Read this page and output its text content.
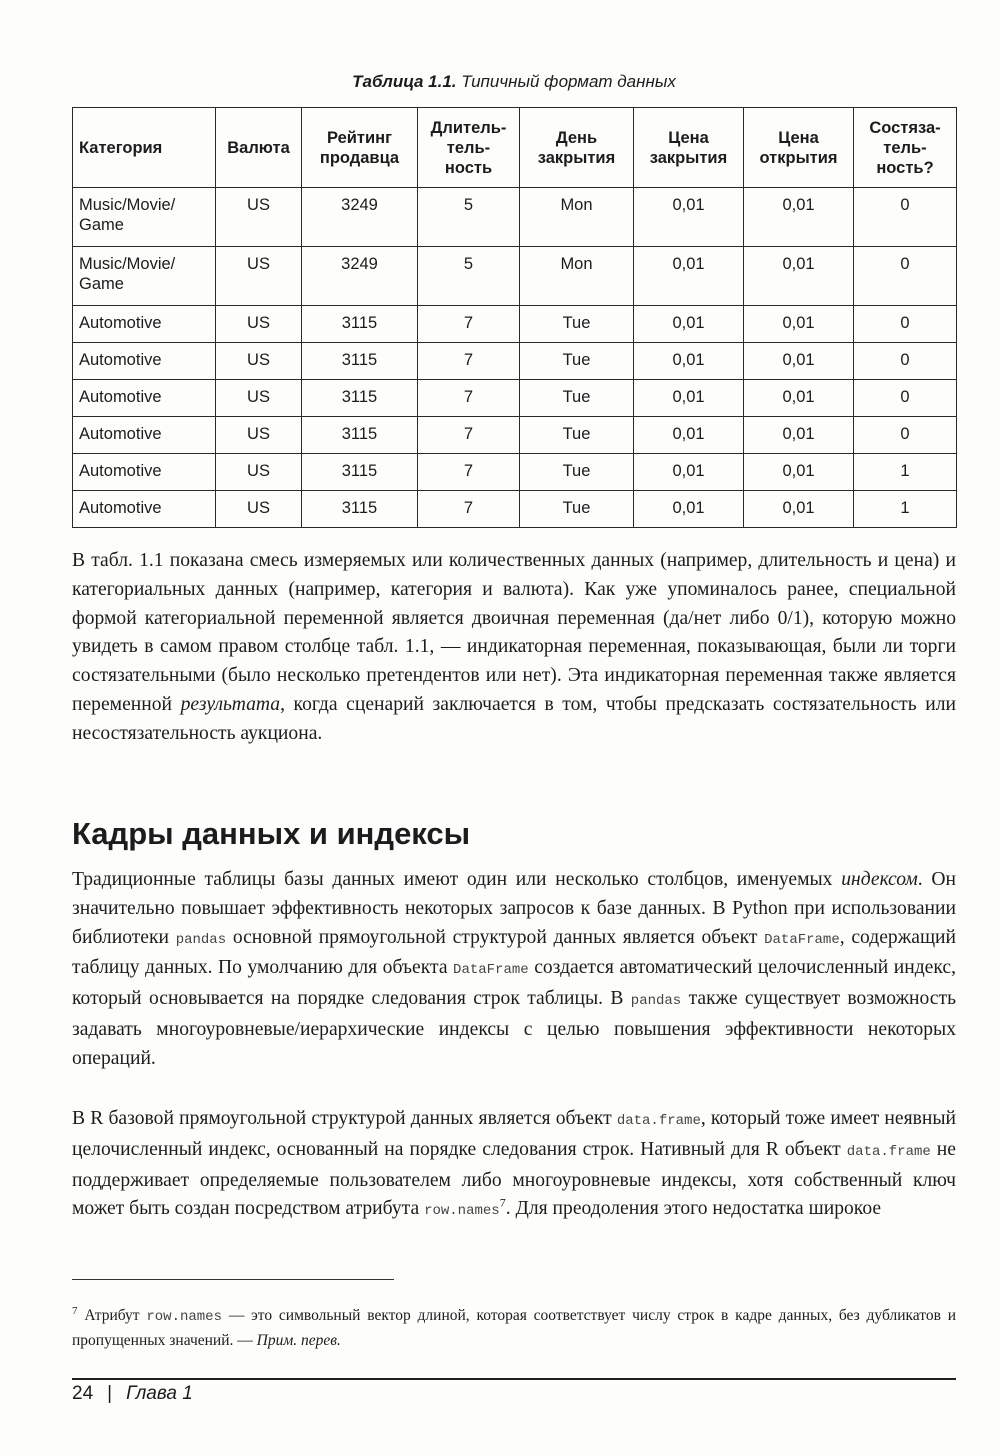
Таблица 1.1. Типичный формат данных
Категория	Валюта	Рейтинг продавца	Длитель-тель-ность	День закрытия	Цена закрытия	Цена открытия	Состяза-тель-ность?
Music/Movie/ Game	US	3249	5	Mon	0,01	0,01	0
Music/Movie/ Game	US	3249	5	Mon	0,01	0,01	0
Automotive	US	3115	7	Tue	0,01	0,01	0
Automotive	US	3115	7	Tue	0,01	0,01	0
Automotive	US	3115	7	Tue	0,01	0,01	0
Automotive	US	3115	7	Tue	0,01	0,01	0
Automotive	US	3115	7	Tue	0,01	0,01	1
Automotive	US	3115	7	Tue	0,01	0,01	1

В табл. 1.1 показана смесь измеряемых или количественных данных (например, длительность и цена) и категориальных данных (например, категория и валюта). Как уже упоминалось ранее, специальной формой категориальной переменной является двоичная переменная (да/нет либо 0/1), которую можно увидеть в самом правом столбце табл. 1.1, — индикаторная переменная, показывающая, были ли торги состязательными (было несколько претендентов или нет). Эта индикаторная переменная также является переменной результата, когда сценарий заключается в том, чтобы предсказать состязательность или несостязательность аукциона.

Кадры данных и индексы

Традиционные таблицы базы данных имеют один или несколько столбцов, именуемых индексом. Он значительно повышает эффективность некоторых запросов к базе данных. В Python при использовании библиотеки pandas основной прямоугольной структурой данных является объект DataFrame, содержащий таблицу данных. По умолчанию для объекта DataFrame создается автоматический целочисленный индекс, который основывается на порядке следования строк таблицы. В pandas также существует возможность задавать многоуровневые/иерархические индексы с целью повышения эффективности некоторых операций.

В R базовой прямоугольной структурой данных является объект data.frame, который тоже имеет неявный целочисленный индекс, основанный на порядке следования строк. Нативный для R объект data.frame не поддерживает определяемые пользователем либо многоуровневые индексы, хотя собственный ключ может быть создан посредством атрибута row.names$^7$. Для преодоления этого недостатка широкое

$^7$ Атрибут row.names — это символьный вектор длиной, которая соответствует числу строк в кадре данных, без дубликатов и пропущенных значений. — Прим. перев.

24 | Глава 1
